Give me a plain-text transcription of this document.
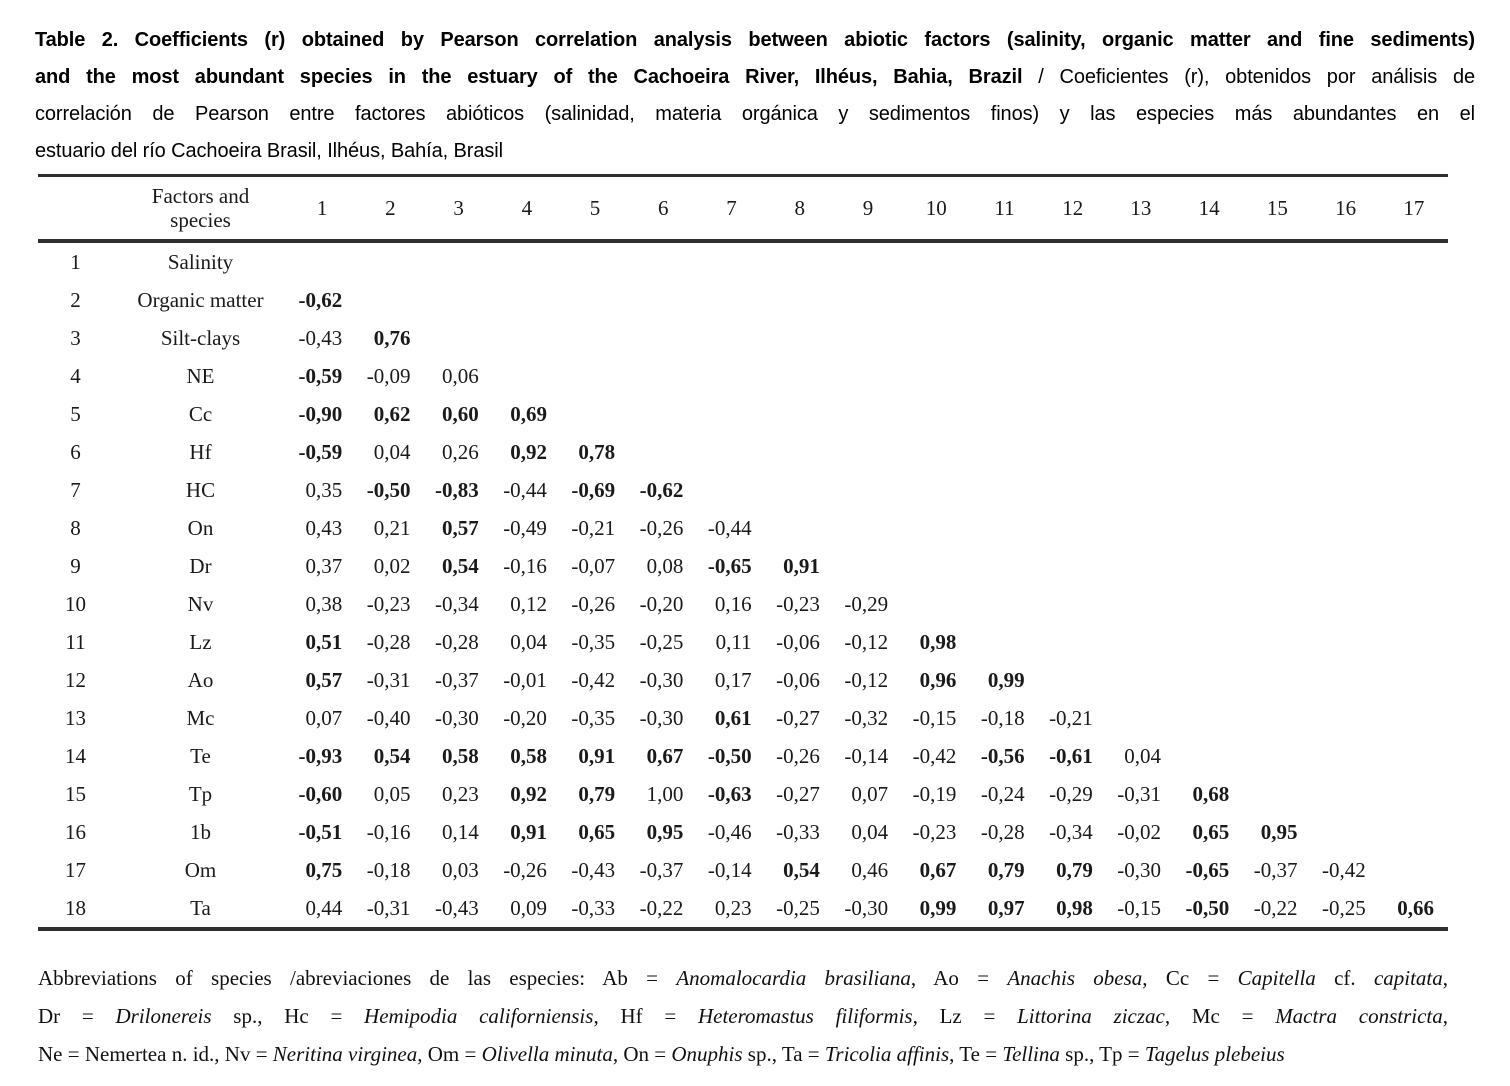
Table 2. Coefficients (r) obtained by Pearson correlation analysis between abiotic factors (salinity, organic matter and fine sediments)
and the most abundant species in the estuary of the Cachoeira River, Ilhéus, Bahia, Brazil / Coeficientes (r), obtenidos por análisis de
correlación de Pearson entre factores abióticos (salinidad, materia orgánica y sedimentos finos) y las especies más abundantes en el
estuario del río Cachoeira Brasil, Ilhéus, Bahía, Brasil

	Factors and species	1	2	3	4	5	6	7	8	9	10	11	12	13	14	15	16	17
1	Salinity																	
2	Organic matter	-0,62																
3	Silt-clays	-0,43	0,76															
4	NE	-0,59	-0,09	0,06														
5	Cc	-0,90	0,62	0,60	0,69													
6	Hf	-0,59	0,04	0,26	0,92	0,78												
7	HC	0,35	-0,50	-0,83	-0,44	-0,69	-0,62											
8	On	0,43	0,21	0,57	-0,49	-0,21	-0,26	-0,44										
9	Dr	0,37	0,02	0,54	-0,16	-0,07	0,08	-0,65	0,91									
10	Nv	0,38	-0,23	-0,34	0,12	-0,26	-0,20	0,16	-0,23	-0,29								
11	Lz	0,51	-0,28	-0,28	0,04	-0,35	-0,25	0,11	-0,06	-0,12	0,98							
12	Ao	0,57	-0,31	-0,37	-0,01	-0,42	-0,30	0,17	-0,06	-0,12	0,96	0,99						
13	Mc	0,07	-0,40	-0,30	-0,20	-0,35	-0,30	0,61	-0,27	-0,32	-0,15	-0,18	-0,21					
14	Te	-0,93	0,54	0,58	0,58	0,91	0,67	-0,50	-0,26	-0,14	-0,42	-0,56	-0,61	0,04				
15	Tp	-0,60	0,05	0,23	0,92	0,79	1,00	-0,63	-0,27	0,07	-0,19	-0,24	-0,29	-0,31	0,68			
16	1b	-0,51	-0,16	0,14	0,91	0,65	0,95	-0,46	-0,33	0,04	-0,23	-0,28	-0,34	-0,02	0,65	0,95		
17	Om	0,75	-0,18	0,03	-0,26	-0,43	-0,37	-0,14	0,54	0,46	0,67	0,79	0,79	-0,30	-0,65	-0,37	-0,42	
18	Ta	0,44	-0,31	-0,43	0,09	-0,33	-0,22	0,23	-0,25	-0,30	0,99	0,97	0,98	-0,15	-0,50	-0,22	-0,25	0,66
Abbreviations of species /abreviaciones de las especies: Ab = Anomalocardia brasiliana, Ao = Anachis obesa, Cc = Capitella cf. capitata,
Dr = Drilonereis sp., Hc = Hemipodia californiensis, Hf = Heteromastus filiformis, Lz = Littorina ziczac, Mc = Mactra constricta,
Ne = Nemertea n. id., Nv = Neritina virginea, Om = Olivella minuta, On = Onuphis sp., Ta = Tricolia affinis, Te = Tellina sp., Tp = Tagelus plebeius
